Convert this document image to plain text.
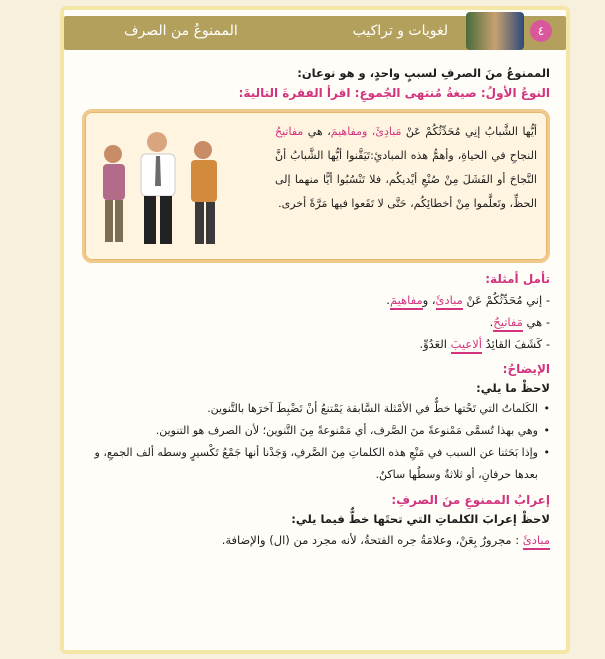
٤
لغويات و تراكيب
الممنوعُ من الصرف

الممنوعُ منَ الصرفِ لسببٍ واحدٍ، و هو نوعان:

النوعُ الأولُ: صيغةُ مُنتهى الجُموعِ: اقرأ الفقرةَ التاليةَ:

أيُّها الشَّبابُ إنِي مُحَدِّثُكُمْ عَنْ مَبادِئَ، ومفاهيمَ، هي مفاتيحُ النجاحِ في الحياةِ، وأهمُّ هذه المبادئِ:تَيَقَّنوا أيُّها الشَّبابُ أنَّ النَّجاحَ أو الفَشَلَ مِنْ صُنْعِ أيْديكُم، فلا تَنْسُبُوا أيًّا منهما إلى الحظِّ، وتَعلَّموا مِنْ أخطائِكُم، حَتَّى لا تَقَعوا فيها مَرَّةً أخرى.

تأمل أمثلة:

- إني مُحَدِّثُكُمْ عَنْ مبادئَ، ومفاهيمَ.

- هي مَفاتيحُ.

- كَشَفَ القائِدُ ألاعيبَ العَدُوِّ.

الإيضاحُ:

لاحظْ ما يلي:

• الكَلماتُ التي تَحْتها خطٌّ في الأمْثلة السَّابقة يَمْتنعُ أنْ تَضْبِطَ آخرَها بالتَّنوين.

• وهي بهذا تُسمَّى مَمْنوعةً منَ الصَّرف، أي مَمْنوعةً مِنَ التَّنوين؛ لأن الصرف هو التنوين.

• وإذا بَحَثنا عن السبب في مَنْعِ هذه الكلماتِ مِنَ الصَّرفِ، وَجَدْنا أنها جَمْعُ تَكْسيرٍ وسطه ألف الجمعِ، و بعدها حرفانِ، أو ثلاثةٌ وسطُها ساكنٌ.

إعرابُ الممنوعِ منَ الصرفِ:

لاحظْ إعرابَ الكلماتِ التي تحتَها خطٌّ فيما يلي:

مبادئَ : مجرورٌ بِعَنْ، وعلامَةُ جره الفتحةُ، لأنه مجرد من (ال) والإضافة.
